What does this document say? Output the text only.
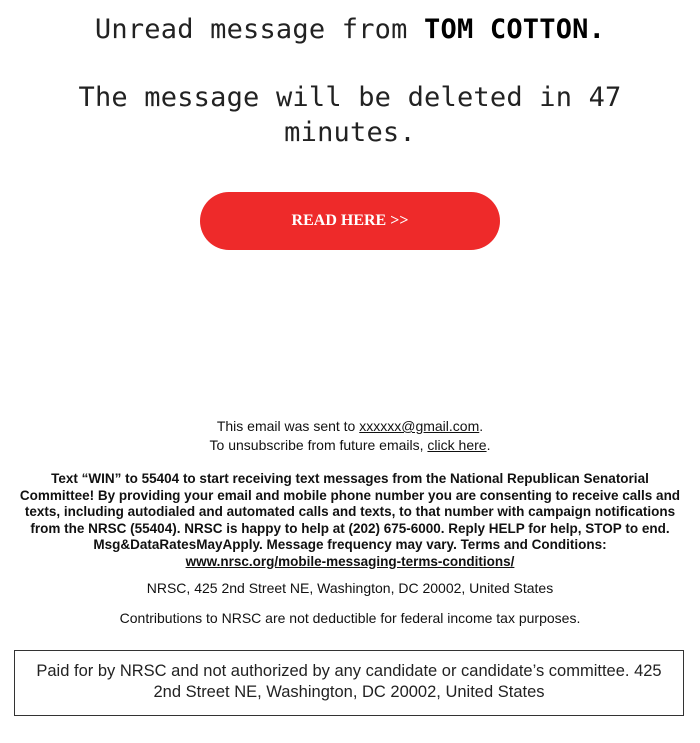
Unread message from TOM COTTON.
The message will be deleted in 47 minutes.
READ HERE >>
This email was sent to xxxxxx@gmail.com.
To unsubscribe from future emails, click here.
Text “WIN” to 55404 to start receiving text messages from the National Republican Senatorial Committee! By providing your email and mobile phone number you are consenting to receive calls and texts, including autodialed and automated calls and texts, to that number with campaign notifications from the NRSC (55404). NRSC is happy to help at (202) 675-6000. Reply HELP for help, STOP to end. Msg&DataRatesMayApply. Message frequency may vary. Terms and Conditions:
www.nrsc.org/mobile-messaging-terms-conditions/
NRSC, 425 2nd Street NE, Washington, DC 20002, United States
Contributions to NRSC are not deductible for federal income tax purposes.
Paid for by NRSC and not authorized by any candidate or candidate’s committee. 425 2nd Street NE, Washington, DC 20002, United States
